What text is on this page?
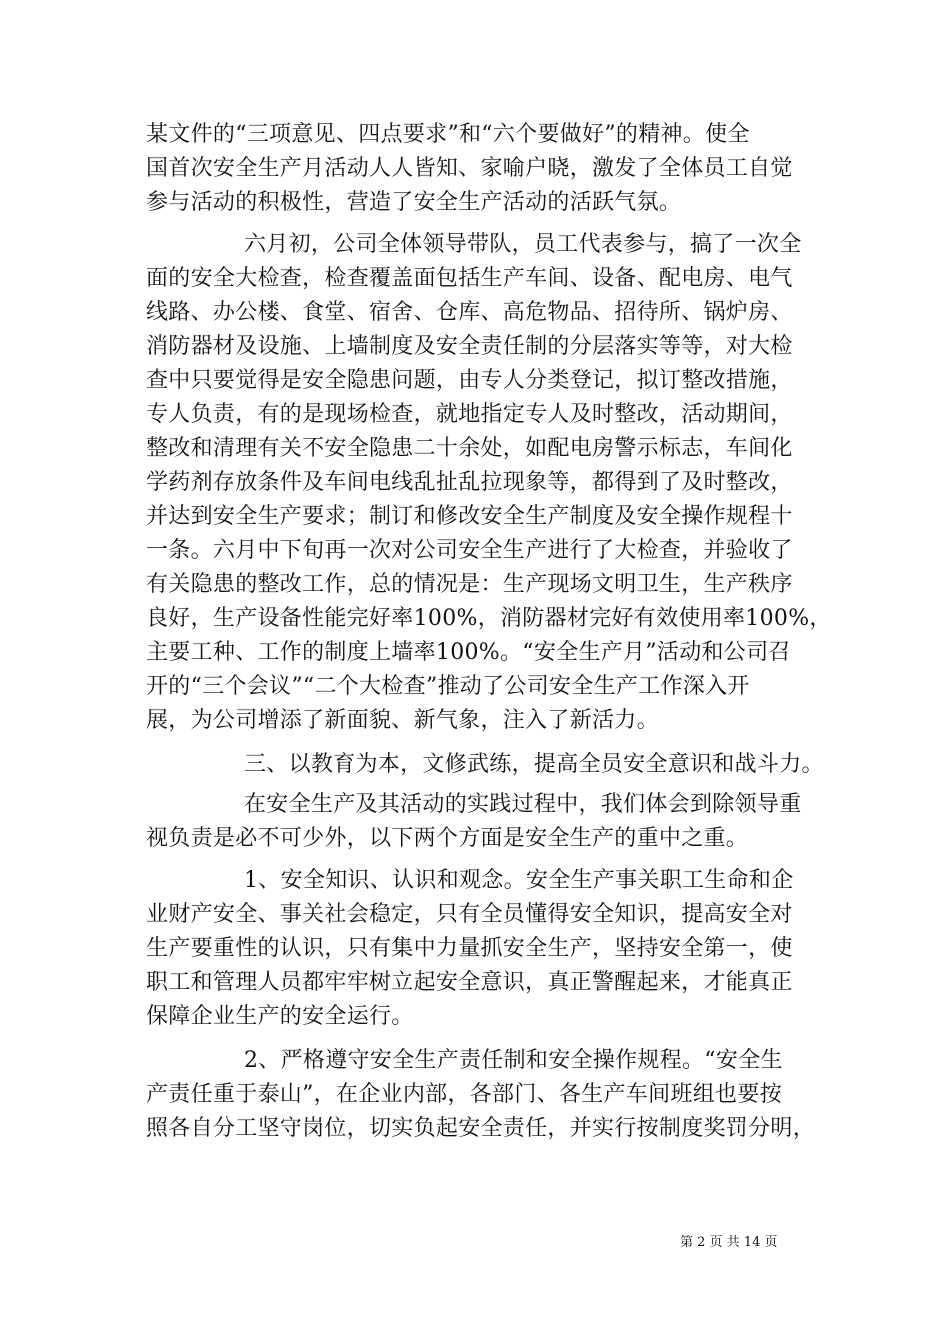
某文件的“三项意见、四点要求”和“六个要做好”的精神。使全
国首次安全生产月活动人人皆知、家喻户晓，激发了全体员工自觉
参与活动的积极性，营造了安全生产活动的活跃气氛。
六月初，公司全体领导带队，员工代表参与，搞了一次全
面的安全大检查，检查覆盖面包括生产车间、设备、配电房、电气
线路、办公楼、食堂、宿舍、仓库、高危物品、招待所、锅炉房、
消防器材及设施、上墙制度及安全责任制的分层落实等等，对大检
查中只要觉得是安全隐患问题，由专人分类登记，拟订整改措施，
专人负责，有的是现场检查，就地指定专人及时整改，活动期间，
整改和清理有关不安全隐患二十余处，如配电房警示标志，车间化
学药剂存放条件及车间电线乱扯乱拉现象等，都得到了及时整改，
并达到安全生产要求；制订和修改安全生产制度及安全操作规程十
一条。六月中下旬再一次对公司安全生产进行了大检查，并验收了
有关隐患的整改工作，总的情况是：生产现场文明卫生，生产秩序
良好，生产设备性能完好率100%，消防器材完好有效使用率100%，
主要工种、工作的制度上墙率100%。“安全生产月”活动和公司召
开的“三个会议”“二个大检查”推动了公司安全生产工作深入开
展，为公司增添了新面貌、新气象，注入了新活力。
三、以教育为本，文修武练，提高全员安全意识和战斗力。
在安全生产及其活动的实践过程中，我们体会到除领导重
视负责是必不可少外，以下两个方面是安全生产的重中之重。
1、安全知识、认识和观念。安全生产事关职工生命和企
业财产安全、事关社会稳定，只有全员懂得安全知识，提高安全对
生产要重性的认识，只有集中力量抓安全生产，坚持安全第一，使
职工和管理人员都牢牢树立起安全意识，真正警醒起来，才能真正
保障企业生产的安全运行。
2、严格遵守安全生产责任制和安全操作规程。“安全生
产责任重于泰山”，在企业内部，各部门、各生产车间班组也要按
照各自分工坚守岗位，切实负起安全责任，并实行按制度奖罚分明，
第 2 页 共 14 页
